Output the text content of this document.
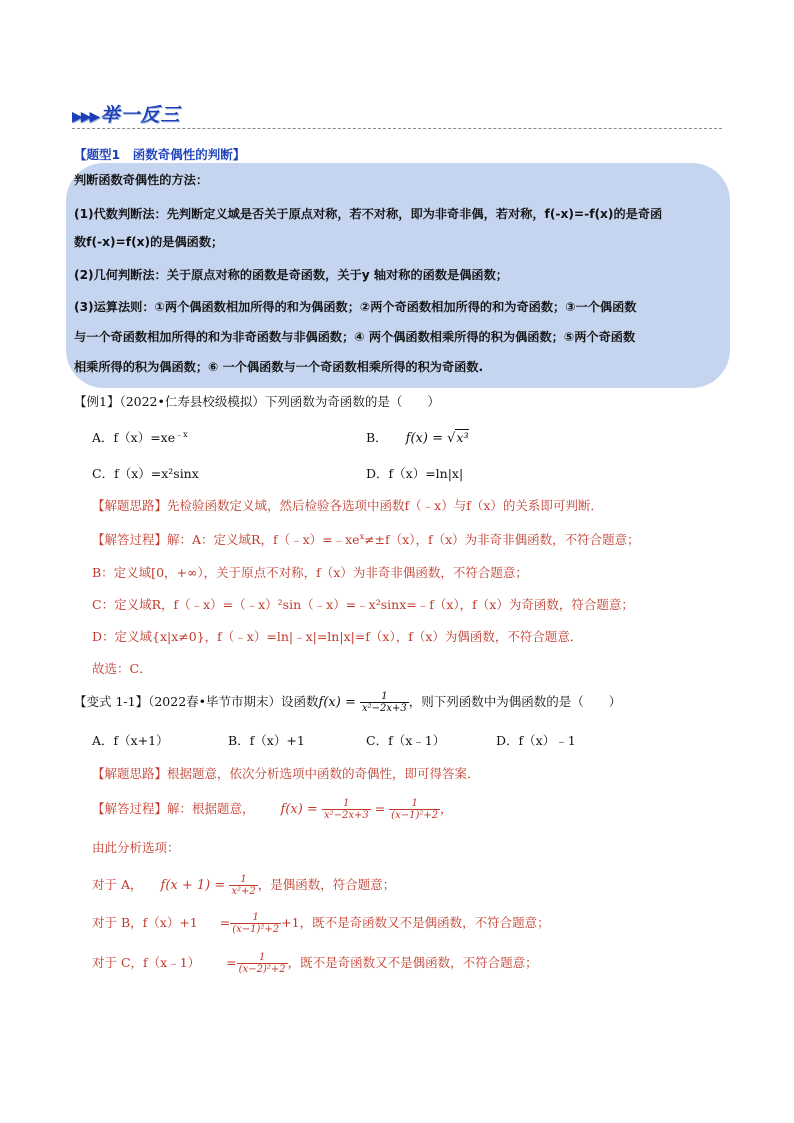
▶▶▶ 举一反三
【题型1　函数奇偶性的判断】
判断函数奇偶性的方法：
(1)代数判断法：先判断定义域是否关于原点对称，若不对称，即为非奇非偶，若对称，f(-x)=-f(x)的是奇函
数f(-x)=f(x)的是偶函数；
(2)几何判断法：关于原点对称的函数是奇函数，关于y 轴对称的函数是偶函数；
(3)运算法则：①两个偶函数相加所得的和为偶函数；②两个奇函数相加所得的和为奇函数；③一个偶函数
与一个奇函数相加所得的和为非奇函数与非偶函数；④ 两个偶函数相乘所得的积为偶函数；⑤两个奇函数
相乘所得的积为偶函数；⑥ 一个偶函数与一个奇函数相乘所得的积为奇函数.
【例1】（2022•仁寿县校级模拟）下列函数为奇函数的是（　　）
A．$f(x)=xe^{﹣x}$	B． f(x) = √x³
C．f（x）=x²sinx	D．f（x）=ln|x|
【解题思路】先检验函数定义域，然后检验各选项中函数f（﹣x）与f（x）的关系即可判断．
【解答过程】解：A：定义域R，$f(﹣x)=﹣xe^x\ne\pm f(x)$，f（x）为非奇非偶函数，不符合题意；
B：定义域[0，+∞），关于原点不对称，f（x）为非奇非偶函数，不符合题意；
C：定义域R，f（﹣x）=（﹣x）²sin（﹣x）=﹣x²sinx=﹣f（x），f（x）为奇函数，符合题意；
D：定义域{x|x≠0}，f（﹣x）=ln|﹣x|=ln|x|=f（x），f（x）为偶函数，不符合题意．
故选：C．
【变式 1-1】（2022春•毕节市期末）设函数$f(x) = \frac{1}{\text{x²−2x+3}}$ ，则下列函数中为偶函数的是（　　）
A．f（x+1）	B．f（x）+1	C．f（x﹣1）	D．f（x）﹣1
【解题思路】根据题意，依次分析选项中函数的奇偶性，即可得答案．
【解答过程】解：根据题意， $f(x) = \frac{1}{\text{x²−2x+3}} = \frac{1}{\text{(x−1)²+2}}$ ，
由此分析选项：
对于 A， $f(x + 1) = \frac{1}{\text{x²+2}}$ ，是偶函数，符合题意；
对于 B，$f(x)+1 = \frac{1}{\text{(x−1)²+2}} +1$，既不是奇函数又不是偶函数，不符合题意；
对于 C，f（x﹣1） = $\frac{1}{\text{(x−2)²+2}}$ ，既不是奇函数又不是偶函数，不符合题意；
